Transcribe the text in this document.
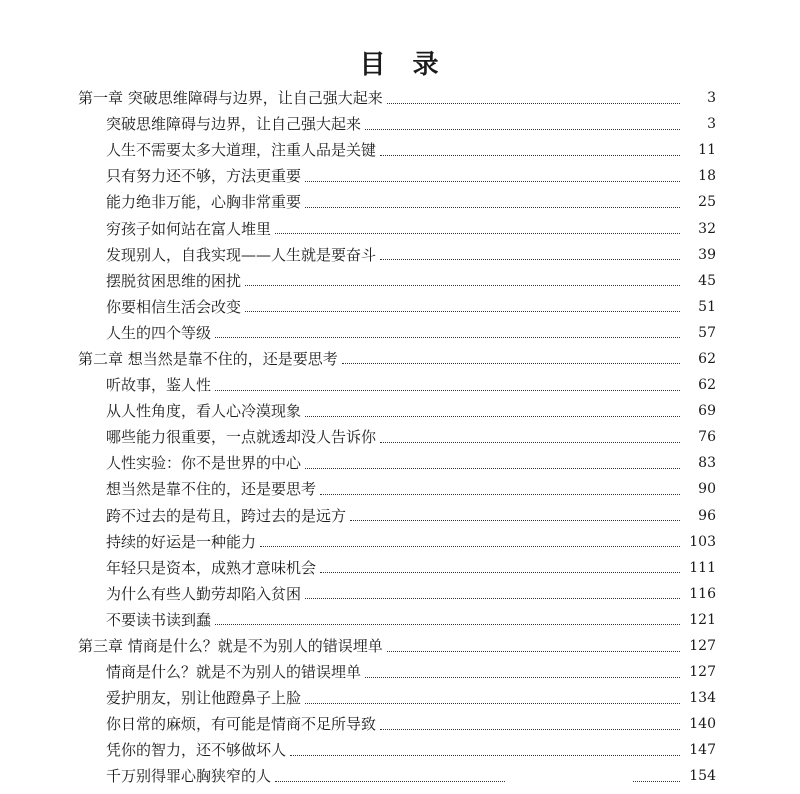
目 录
第一章 突破思维障碍与边界，让自己强大起来	3
突破思维障碍与边界，让自己强大起来	3
人生不需要太多大道理，注重人品是关键	11
只有努力还不够，方法更重要	18
能力绝非万能，心胸非常重要	25
穷孩子如何站在富人堆里	32
发现别人，自我实现——人生就是要奋斗	39
摆脱贫困思维的困扰	45
你要相信生活会改变	51
人生的四个等级	57
第二章 想当然是靠不住的，还是要思考	62
听故事，鉴人性	62
从人性角度，看人心冷漠现象	69
哪些能力很重要，一点就透却没人告诉你	76
人性实验：你不是世界的中心	83
想当然是靠不住的，还是要思考	90
跨不过去的是苟且，跨过去的是远方	96
持续的好运是一种能力	103
年轻只是资本，成熟才意味机会	111
为什么有些人勤劳却陷入贫困	116
不要读书读到蠢	121
第三章 情商是什么？就是不为别人的错误埋单	127
情商是什么？就是不为别人的错误埋单	127
爱护朋友，别让他蹬鼻子上脸	134
你日常的麻烦，有可能是情商不足所导致	140
凭你的智力，还不够做坏人	147
千万别得罪心胸狭窄的人	154
